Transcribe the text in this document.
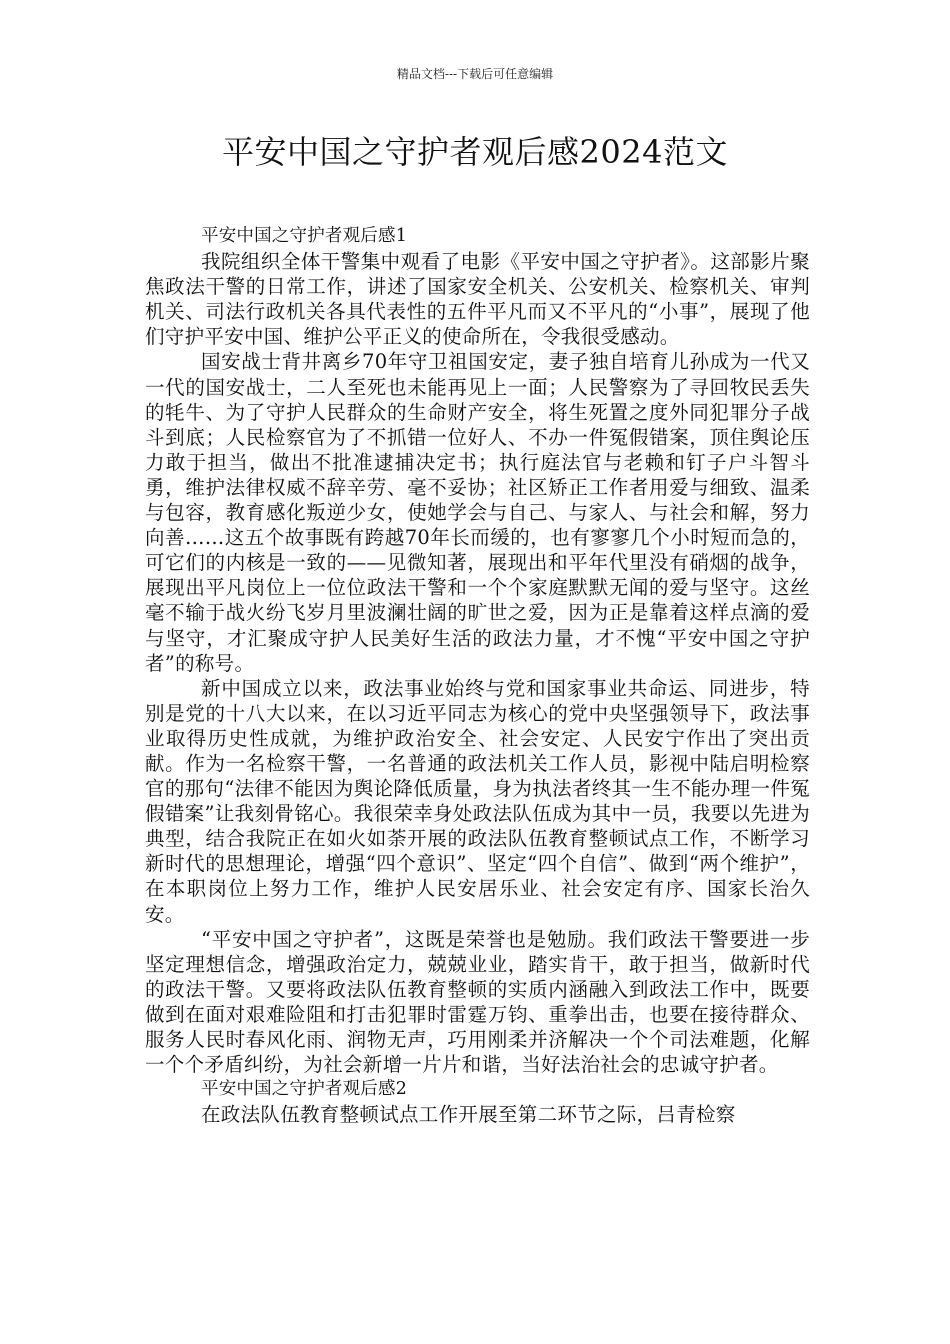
精品文档---下载后可任意编辑
平安中国之守护者观后感2024范文

平安中国之守护者观后感1

我院组织全体干警集中观看了电影《平安中国之守护者》。这部影片聚焦政法干警的日常工作，讲述了国家安全机关、公安机关、检察机关、审判机关、司法行政机关各具代表性的五件平凡而又不平凡的“小事”，展现了他们守护平安中国、维护公平正义的使命所在，令我很受感动。

国安战士背井离乡70年守卫祖国安定，妻子独自培育儿孙成为一代又一代的国安战士，二人至死也未能再见上一面；人民警察为了寻回牧民丢失的牦牛、为了守护人民群众的生命财产安全，将生死置之度外同犯罪分子战斗到底；人民检察官为了不抓错一位好人、不办一件冤假错案，顶住舆论压力敢于担当，做出不批准逮捕决定书；执行庭法官与老赖和钉子户斗智斗勇，维护法律权威不辞辛劳、毫不妥协；社区矫正工作者用爱与细致、温柔与包容，教育感化叛逆少女，使她学会与自己、与家人、与社会和解，努力向善……这五个故事既有跨越70年长而缓的，也有寥寥几个小时短而急的，可它们的内核是一致的——见微知著，展现出和平年代里没有硝烟的战争，展现出平凡岗位上一位位政法干警和一个个家庭默默无闻的爱与坚守。这丝毫不输于战火纷飞岁月里波澜壮阔的旷世之爱，因为正是靠着这样点滴的爱与坚守，才汇聚成守护人民美好生活的政法力量，才不愧“平安中国之守护者”的称号。

新中国成立以来，政法事业始终与党和国家事业共命运、同进步，特别是党的十八大以来，在以习近平同志为核心的党中央坚强领导下，政法事业取得历史性成就，为维护政治安全、社会安定、人民安宁作出了突出贡献。作为一名检察干警，一名普通的政法机关工作人员，影视中陆启明检察官的那句“法律不能因为舆论降低质量，身为执法者终其一生不能办理一件冤假错案”让我刻骨铭心。我很荣幸身处政法队伍成为其中一员，我要以先进为典型，结合我院正在如火如荼开展的政法队伍教育整顿试点工作，不断学习新时代的思想理论，增强“四个意识”、坚定“四个自信”、做到“两个维护”，在本职岗位上努力工作，维护人民安居乐业、社会安定有序、国家长治久安。

“平安中国之守护者”，这既是荣誉也是勉励。我们政法干警要进一步坚定理想信念，增强政治定力，兢兢业业，踏实肯干，敢于担当，做新时代的政法干警。又要将政法队伍教育整顿的实质内涵融入到政法工作中，既要做到在面对艰难险阻和打击犯罪时雷霆万钧、重拳出击，也要在接待群众、服务人民时春风化雨、润物无声，巧用刚柔并济解决一个个司法难题，化解一个个矛盾纠纷，为社会新增一片片和谐，当好法治社会的忠诚守护者。

平安中国之守护者观后感2

在政法队伍教育整顿试点工作开展至第二环节之际，吕青检察
